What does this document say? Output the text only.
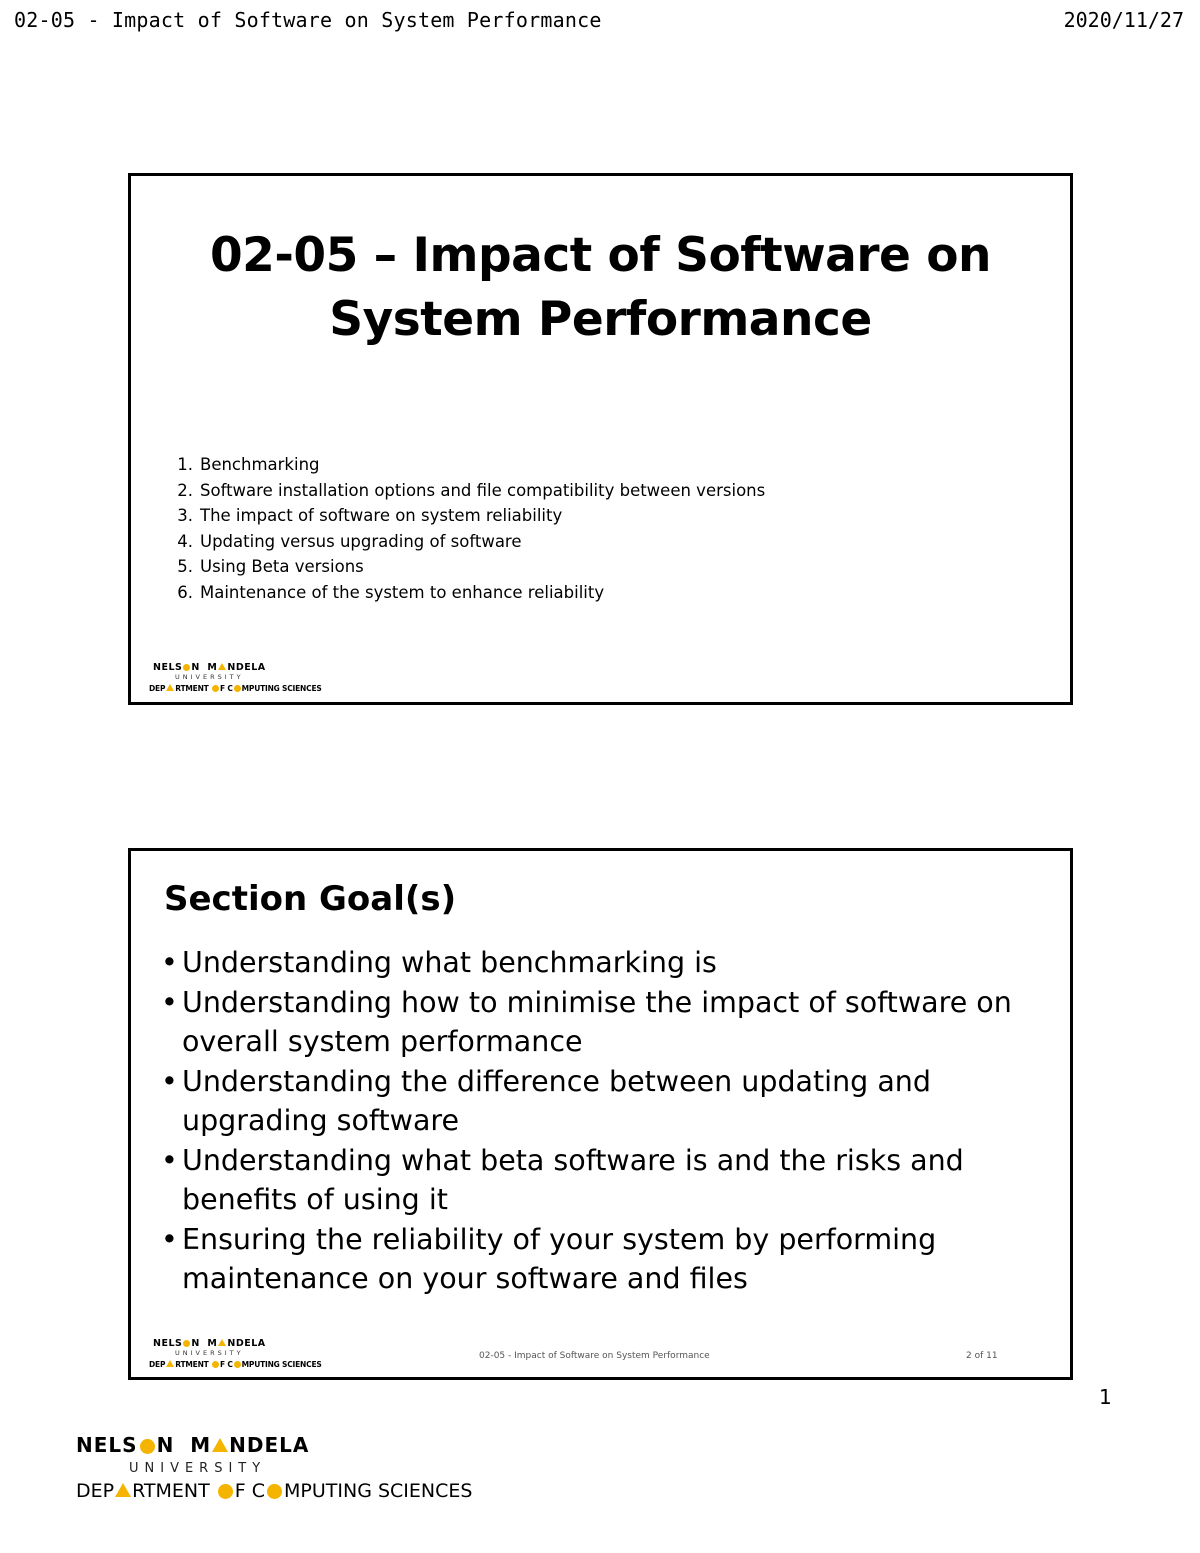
02-05 - Impact of Software on System Performance	2020/11/27
02-05 – Impact of Software on
System Performance
1. Benchmarking
2. Software installation options and file compatibility between versions
3. The impact of software on system reliability
4. Updating versus upgrading of software
5. Using Beta versions
6. Maintenance of the system to enhance reliability
NELS N M NDELA
UNIVERSITY
DEP RTMENT F C MPUTING SCIENCES
Section Goal(s)
• Understanding what benchmarking is
• Understanding how to minimise the impact of software on overall system performance
• Understanding the difference between updating and upgrading software
• Understanding what beta software is and the risks and benefits of using it
• Ensuring the reliability of your system by performing maintenance on your software and files
NELS N M NDELA
UNIVERSITY
DEP RTMENT F C MPUTING SCIENCES
02-05 - Impact of Software on System Performance	2 of 11
1
NELS N M NDELA
UNIVERSITY
DEP RTMENT F C MPUTING SCIENCES
